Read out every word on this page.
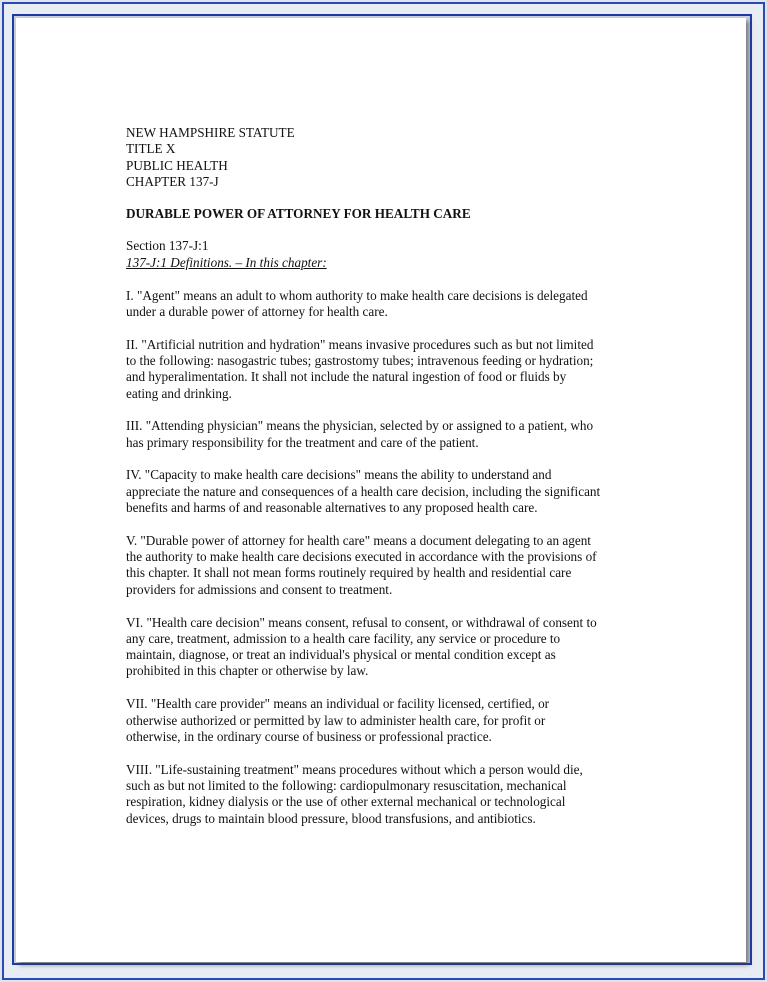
NEW HAMPSHIRE STATUTE
TITLE X
PUBLIC HEALTH
CHAPTER 137-J
DURABLE POWER OF ATTORNEY FOR HEALTH CARE
Section 137-J:1
137-J:1 Definitions. – In this chapter:

I. "Agent" means an adult to whom authority to make health care decisions is delegated
under a durable power of attorney for health care.

II. "Artificial nutrition and hydration" means invasive procedures such as but not limited
to the following: nasogastric tubes; gastrostomy tubes; intravenous feeding or hydration;
and hyperalimentation. It shall not include the natural ingestion of food or fluids by
eating and drinking.

III. "Attending physician" means the physician, selected by or assigned to a patient, who
has primary responsibility for the treatment and care of the patient.

IV. "Capacity to make health care decisions" means the ability to understand and
appreciate the nature and consequences of a health care decision, including the significant
benefits and harms of and reasonable alternatives to any proposed health care.

V. "Durable power of attorney for health care" means a document delegating to an agent
the authority to make health care decisions executed in accordance with the provisions of
this chapter. It shall not mean forms routinely required by health and residential care
providers for admissions and consent to treatment.

VI. "Health care decision" means consent, refusal to consent, or withdrawal of consent to
any care, treatment, admission to a health care facility, any service or procedure to
maintain, diagnose, or treat an individual's physical or mental condition except as
prohibited in this chapter or otherwise by law.

VII. "Health care provider" means an individual or facility licensed, certified, or
otherwise authorized or permitted by law to administer health care, for profit or
otherwise, in the ordinary course of business or professional practice.

VIII. "Life-sustaining treatment" means procedures without which a person would die,
such as but not limited to the following: cardiopulmonary resuscitation, mechanical
respiration, kidney dialysis or the use of other external mechanical or technological
devices, drugs to maintain blood pressure, blood transfusions, and antibiotics.
